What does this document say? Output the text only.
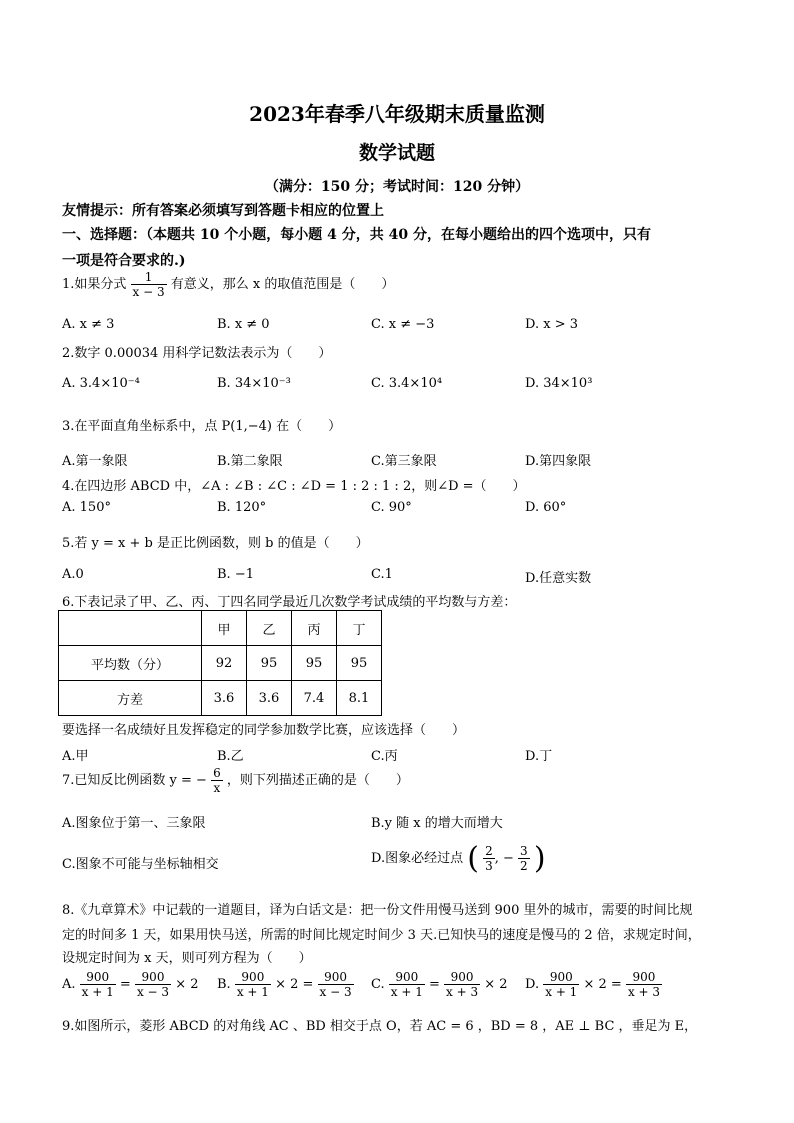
2023年春季八年级期末质量监测
数学试题
（满分：150 分；考试时间：120 分钟）
友情提示：所有答案必须填写到答题卡相应的位置上
一、选择题：（本题共 10 个小题，每小题 4 分，共 40 分，在每小题给出的四个选项中，只有
一项是符合要求的.)
1.如果分式 $\frac{1}{x - 3}$ 有意义，那么 x 的取值范围是（　　）
A. x ≠ 3	B. x ≠ 0	C. x ≠ −3	D. x > 3
2.数字 0.00034 用科学记数法表示为（　　）
A. 3.4×10⁻⁴	B. 34×10⁻³	C. 3.4×10⁴	D. 34×10³
3.在平面直角坐标系中，点 P(1,−4) 在（　　）
A.第一象限	B.第二象限	C.第三象限	D.第四象限
4.在四边形 ABCD 中，∠A : ∠B : ∠C : ∠D = 1 : 2 : 1 : 2，则∠D =（　　）
A. 150°	B. 120°	C. 90°	D. 60°
5.若 y = x + b 是正比例函数，则 b 的值是（　　）
A.0	B. −1	C.1	D.任意实数
6.下表记录了甲、乙、丙、丁四名同学最近几次数学考试成绩的平均数与方差：
	甲	乙	丙	丁
平均数（分）	92	95	95	95
方差	3.6	3.6	7.4	8.1
要选择一名成绩好且发挥稳定的同学参加数学比赛，应该选择（　　）
A.甲	B.乙	C.丙	D.丁
7.已知反比例函数 y = − $\frac{6}{x}$ ，则下列描述正确的是（　　）
A.图象位于第一、三象限	B.y 随 x 的增大而增大
C.图象不可能与坐标轴相交	D.图象必经过点 ( $\frac{2}{3}$ , − $\frac{3}{2}$ )
8.《九章算术》中记载的一道题目，译为白话文是：把一份文件用慢马送到 900 里外的城市，需要的时间比规
定的时间多 1 天，如果用快马送，所需的时间比规定时间少 3 天.已知快马的速度是慢马的 2 倍，求规定时间，
设规定时间为 x 天，则可列方程为（　　）
A. $\frac{900}{x + 1} = \frac{900}{x - 3} \times 2$ B. $\frac{900}{x + 1} \times 2 = \frac{900}{x - 3} C$. $\frac{900}{x + 1} = \frac{900}{x + 3} \times 2$ D. $\frac{900}{x + 1} \times 2 = \frac{900}{x + 3}$
9.如图所示，菱形 ABCD 的对角线 AC 、BD 相交于点 O，若 AC = 6 ，BD = 8 ，AE ⊥ BC ，垂足为 E，
